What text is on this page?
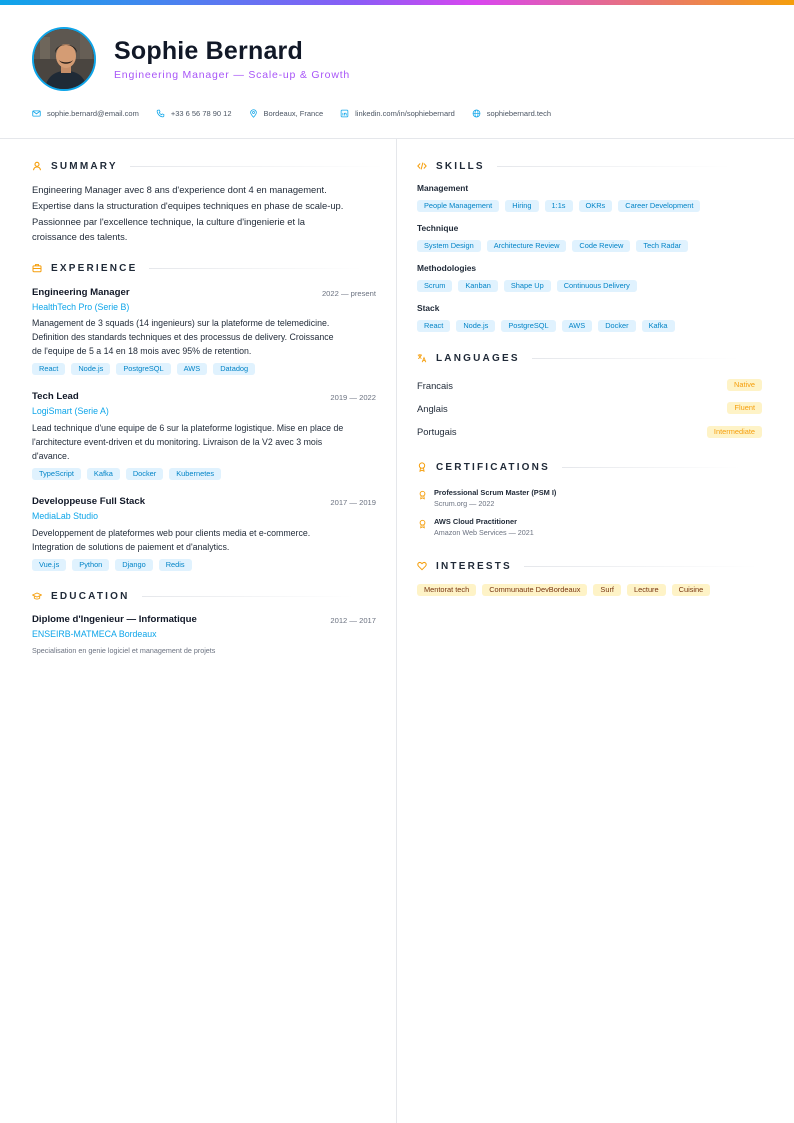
Sophie Bernard
Engineering Manager — Scale-up & Growth
sophie.bernard@email.com	+33 6 56 78 90 12	Bordeaux, France	linkedin.com/in/sophiebernard	sophiebernard.tech
SUMMARY
Engineering Manager avec 8 ans d'experience dont 4 en management.
Expertise dans la structuration d'equipes techniques en phase de scale-up.
Passionnee par l'excellence technique, la culture d'ingenierie et la
croissance des talents.
EXPERIENCE
Engineering Manager	2022 — present
HealthTech Pro (Serie B)
Management de 3 squads (14 ingenieurs) sur la plateforme de telemedicine.
Definition des standards techniques et des processus de delivery. Croissance
de l'equipe de 5 a 14 en 18 mois avec 95% de retention.
React	Node.js	PostgreSQL	AWS	Datadog
Tech Lead	2019 — 2022
LogiSmart (Serie A)
Lead technique d'une equipe de 6 sur la plateforme logistique. Mise en place de
l'architecture event-driven et du monitoring. Livraison de la V2 avec 3 mois
d'avance.
TypeScript	Kafka	Docker	Kubernetes
Developpeuse Full Stack	2017 — 2019
MediaLab Studio
Developpement de plateformes web pour clients media et e-commerce.
Integration de solutions de paiement et d'analytics.
Vue.js	Python	Django	Redis
EDUCATION
Diplome d'Ingenieur — Informatique	2012 — 2017
ENSEIRB-MATMECA Bordeaux
Specialisation en genie logiciel et management de projets
SKILLS
Management
People Management	Hiring	1:1s	OKRs	Career Development
Technique
System Design	Architecture Review	Code Review	Tech Radar
Methodologies
Scrum	Kanban	Shape Up	Continuous Delivery
Stack
React	Node.js	PostgreSQL	AWS	Docker	Kafka
LANGUAGES
Francais	Native
Anglais	Fluent
Portugais	Intermediate
CERTIFICATIONS
Professional Scrum Master (PSM I)
Scrum.org — 2022
AWS Cloud Practitioner
Amazon Web Services — 2021
INTERESTS
Mentorat tech	Communaute DevBordeaux	Surf	Lecture	Cuisine
